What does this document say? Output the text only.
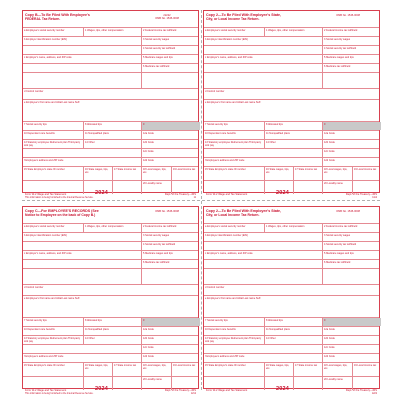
Copy B—To Be Filed With Employee's
FEDERAL Tax Return.
22222
OMB No. 1545-0008
a Employee's social security number	1 Wages, tips, other compensation	2 Federal income tax withheld
b Employer identification number (EIN)	3 Social security wages
4 Social security tax withheld
c Employer's name, address, and ZIP code	5 Medicare wages and tips
6 Medicare tax withheld
d Control number
e Employee's first name and initial Last name Suff.
7 Social security tips	8 Allocated tips	9
10 Dependent care benefits	11 Nonqualified plans	12a Code
13 Statutory employee Retirement plan Third-party sick pay
14 Other	12b Code
12c Code
f Employee's address and ZIP code	12d Code
15 State Employer's state ID number	16 State wages, tips, etc.
17 State income tax	18 Local wages, tips, etc.
19 Local income tax
20 Locality name
Form W-2 Wage and Tax Statement	2024	Dept. of the Treasury—IRS
This information is being furnished to the Internal Revenue Service.	11
Copy 2—To Be Filed With Employee's State,
City, or Local Income Tax Return.
OMB No. 1545-0008
a Employee's social security number	1 Wages, tips, other compensation	2 Federal income tax withheld
b Employer identification number (EIN)	3 Social security wages
4 Social security tax withheld
c Employer's name, address, and ZIP code	5 Medicare wages and tips
6 Medicare tax withheld
d Control number
e Employee's first name and initial Last name Suff.
7 Social security tips	8 Allocated tips	9
10 Dependent care benefits	11 Nonqualified plans	12a Code
13 Statutory employee Retirement plan Third-party sick pay
14 Other	12b Code
12c Code
f Employee's address and ZIP code	12d Code
15 State Employer's state ID number	16 State wages, tips, etc.
17 State income tax	18 Local wages, tips, etc.
19 Local income tax
20 Locality name
Form W-2 Wage and Tax Statement	2024	Dept. of the Treasury—IRS
1112
Copy C—For EMPLOYEE'S RECORDS (See
Notice to Employee on the back of Copy B.)
OMB No. 1545-0008
a Employee's social security number	1 Wages, tips, other compensation	2 Federal income tax withheld
b Employer identification number (EIN)	3 Social security wages
4 Social security tax withheld
c Employer's name, address, and ZIP code	5 Medicare wages and tips
6 Medicare tax withheld
d Control number
e Employee's first name and initial Last name Suff.
7 Social security tips	8 Allocated tips	9
10 Dependent care benefits	11 Nonqualified plans	12a Code
13 Statutory employee Retirement plan Third-party sick pay
14 Other	12b Code
12c Code
f Employee's address and ZIP code	12d Code
15 State Employer's state ID number	16 State wages, tips, etc.
17 State income tax	18 Local wages, tips, etc.
19 Local income tax
20 Locality name
Form W-2 Wage and Tax Statement	2024	Dept. of the Treasury—IRS
This information is being furnished to the Internal Revenue Service.	1212
Copy 2—To Be Filed With Employee's State,
City, or Local Income Tax Return.
OMB No. 1545-0008
a Employee's social security number	1 Wages, tips, other compensation	2 Federal income tax withheld
b Employer identification number (EIN)	3 Social security wages
4 Social security tax withheld
c Employer's name, address, and ZIP code	5 Medicare wages and tips
6 Medicare tax withheld
d Control number
e Employee's first name and initial Last name Suff.
7 Social security tips	8 Allocated tips	9
10 Dependent care benefits	11 Nonqualified plans	12a Code
13 Statutory employee Retirement plan Third-party sick pay
14 Other	12b Code
12c Code
f Employee's address and ZIP code	12d Code
15 State Employer's state ID number	16 State wages, tips, etc.
17 State income tax	18 Local wages, tips, etc.
19 Local income tax
20 Locality name
Form W-2 Wage and Tax Statement	2024	Dept. of the Treasury—IRS
1222
